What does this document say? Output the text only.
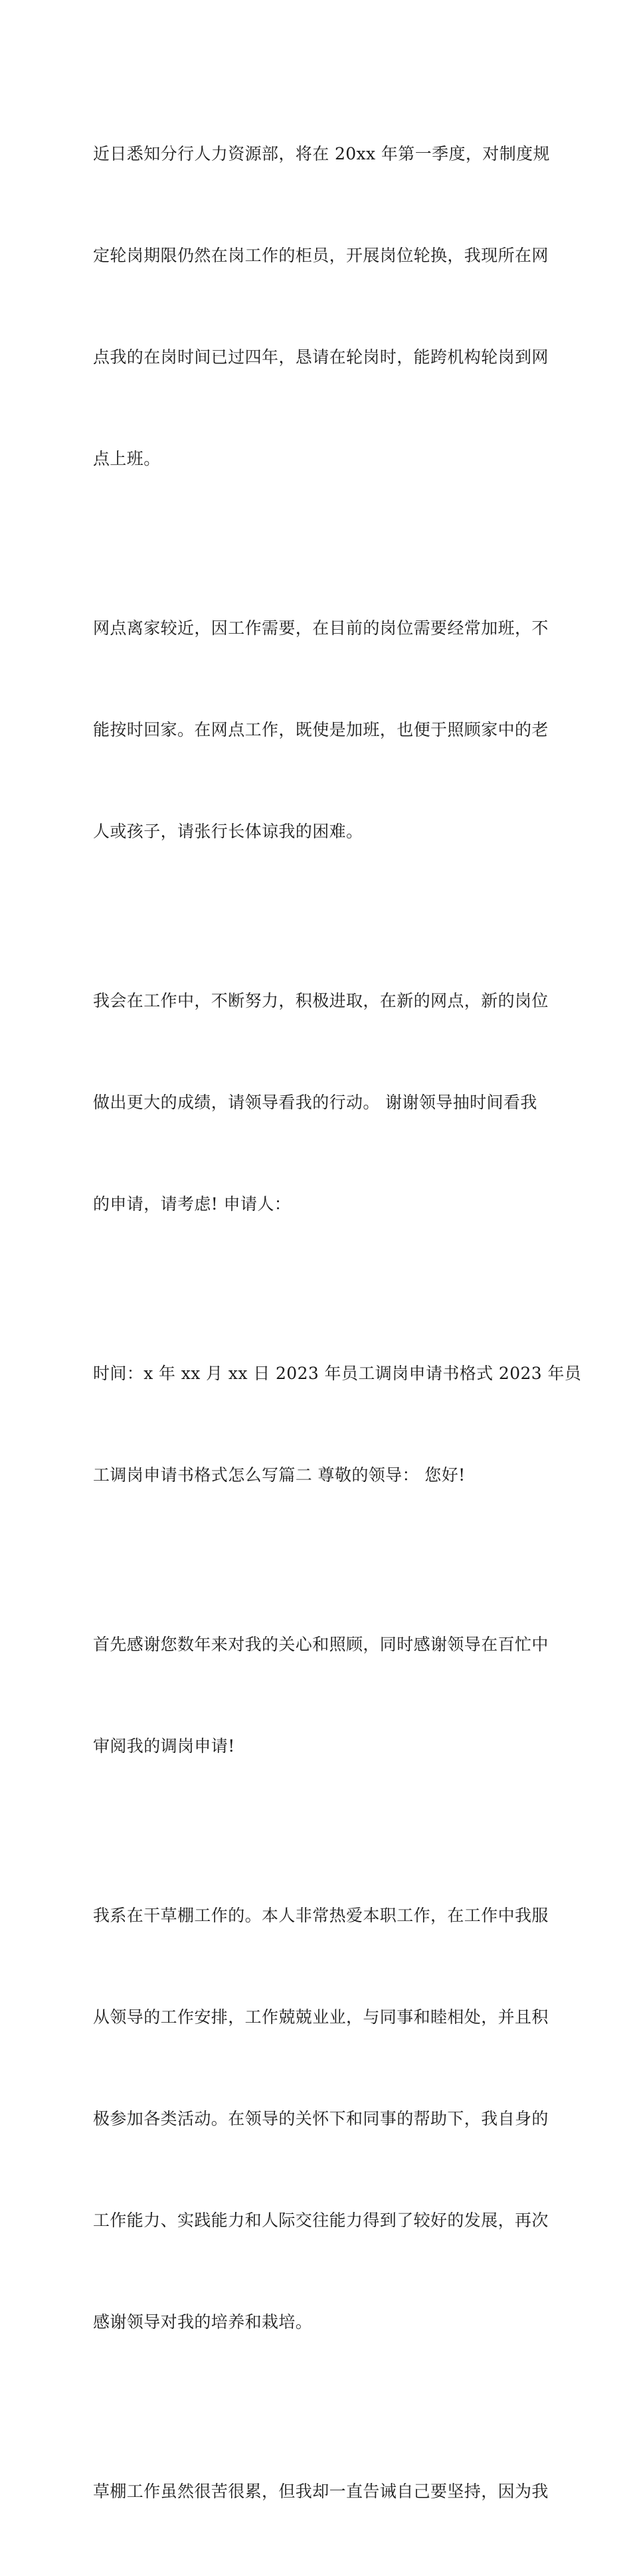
近日悉知分行人力资源部，将在 20xx 年第一季度，对制度规

定轮岗期限仍然在岗工作的柜员，开展岗位轮换，我现所在网

点我的在岗时间已过四年，恳请在轮岗时，能跨机构轮岗到网

点上班。

网点离家较近，因工作需要，在目前的岗位需要经常加班，不

能按时回家。在网点工作，既使是加班，也便于照顾家中的老

人或孩子，请张行长体谅我的困难。

我会在工作中，不断努力，积极进取，在新的网点，新的岗位

做出更大的成绩，请领导看我的行动。 谢谢领导抽时间看我

的申请，请考虑! 申请人：

时间：x 年 xx 月 xx 日 2023 年员工调岗申请书格式 2023 年员

工调岗申请书格式怎么写篇二 尊敬的领导： 您好!

首先感谢您数年来对我的关心和照顾，同时感谢领导在百忙中

审阅我的调岗申请!

我系在干草棚工作的。本人非常热爱本职工作，在工作中我服

从领导的工作安排，工作兢兢业业，与同事和睦相处，并且积

极参加各类活动。在领导的关怀下和同事的帮助下，我自身的

工作能力、实践能力和人际交往能力得到了较好的发展，再次

感谢领导对我的培养和栽培。

草棚工作虽然很苦很累，但我却一直告诫自己要坚持，因为我
